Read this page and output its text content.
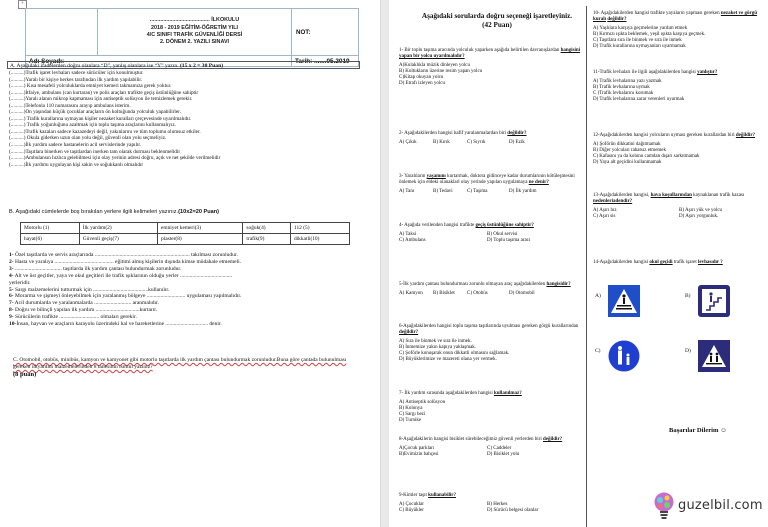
+

	........................................ İLKOKULU
2018 - 2019 EĞİTİM-ÖĞRETİM YILI
4/C SINIFI TRAFİK GÜVENLİĞİ DERSİ
2. DÖNEM 2. YAZILI SINAVI	NOT:
Adı Soyadı:		Tarih: .......05.2019
A. Aşağıdaki ifadelerden doğru olanlara “D”, yanlış olanlara ise “Y” yazın. (15 x 2 = 30 Puan)
(..........)Trafik işaret levhaları sadece sürücüler için konulmuştur.
(..........)Yaralı bir kişiye herkes tarafından ilk yardım yapılabilir.
(..........) Kısa mesafeli yolculuklarda emniyet kemeri takmamıza gerek yoktur.
(..........)İtfaiye, ambulans (can kurtaran) ve polis araçları trafikte geçiş üstünlüğüne sahiptir
(..........)Yaralı alanın mikrop kapmaması için antiseptik solüsyon ile temizlemek gerekir.
(..........)Telefonla 110 numarasını arayıp ambulans isterim.
(..........)On yaşından küçük çocuklar araçların ön koltuğunda yolculuk yapabilirler.
(..........) Trafik kurallarına uymayan kişiler nezaket kuralları çerçevesinde uyarılmalıdır.
(..........) Trafik yoğunluğunu azaltmak için toplu taşıma araçlarını kullanmalıyız.
(..........)Trafik kazaları sadece kazazedeyi değil, yakınlarını ve tüm toplumu olumsuz etkiler.
(..........) Okula giderken uzun olan yolu değil, güvenli olan yolu seçmeliyiz.
(..........)İlk yardım sadece hastanelerin acil servislerinde yapılır.
(..........)Taşıtlara binerken ve taşıtlardan inerken tam olarak durması beklenmelidir
(..........)Ambulansın hızlıca gelebilmesi için olay yerinin adresi doğru, açık ve net şekilde verilmelidir
(..........)İlk yardımı uygulayan kişi sakin ve soğukkanlı olmalıdır
B. Aşağıdaki cümlelerde boş bırakılan yerlere ilgili kelimeleri yazınız.(10x2=20 Puan)
Motorlu (1)	İlk yardım(2)	emniyet kemeri(3)	soğuk(4)	112 (5)
hayat(6)	Güvenli geçiş(7)	plaster(8)	trafik(9)	dikkatli(10)
1- Özel taşıtlarda ve servis araçlarında ..................................................................... takılması zorunludur.
2- Hasta ve yaralıya ........................................... eğitimi almış kişilerin dışında kimse müdahale etmemeli.
3- .................................. taşıtlarda ilk yardım çantası bulundurmak zorunludur.
4- Alt ve üst geçitler, yaya ve okul geçitleri ile trafik ışıklarının olduğu yerler ......................................
yerleridir.
5- Sargı malzemelerini tutturmak için ........................................kullanılır.
6- Morarma ve şişmeyi önleyebilmek için yaralanmış bölgeye ............................ uygulaması yapılmalıdır.
7- Acil durumlarda ve yaralanmalarda ........................... aranmalıdır.
8- Doğru ve bilinçli yapılan ilk yardım ................................kurtarır.
9- Sürücülerin trafikte ............................. olmaları gerekir.
10-İnsan, hayvan ve araçların karayolu üzerindeki hal ve hareketlerine ............................... denir.
C. Otomobil, otobüs, minibüs, kamyon ve kamyonet gibi motorlu taşıtlarda ilk yardım çantası bulundurmak zorunludur.Buna göre çantada bulunulması gereken ilkyardım malzemelerinden 8 tanesinin ismini yazınız?
(8 puan)
Aşağıdaki sorularda doğru seçeneği işaretleyiniz.
(42 Puan)
1- Bir toplu taşıma aracında yolculuk yaparken aşağıda belirtilen davranışlardan hangisini yapan bir yolcu uyarılmalıdır?
A)Kulaklıkla müzik dinleyen yolcu
B) Koltukların üzerine resim yapan yolcu
C)Kitap okuyan yolcu
D) Etrafı izleyen yolcu
2- Aşağıdakilerden hangisi hafif yaralanmalardan biri değildir?
A) Çıkık	B) Kırık	C) Sıyrık	D) Ezik
3- Yaralıların yaşamını kurtarmak, doktora gidinceye kadar durumlarının kötüleşmesini önlemek için eldeki olanaklarl olay yerinde yapılan uygulamaya ne denir?
A) Tanı	B) Tedavi	C) Taşıma	D) İlk yardım
4- Aşağıda verilenden hangisi trafikte geçiş üstünlüğüne sahiptir?
A) Taksi	B) Okul servisi
C) Ambulans	D) Toplu taşıma aracı
5-İlk yardım çantası bulundurması zorunlu olmayan araç aşağıdakilerden hangisidir?
A) Kamyon	B) Bisiklet	C) Otobüs	D) Otomobil
6-Aşağıdakilerden hangisi toplu taşıma taşıtlarında uyulması gereken görgü kurallarından değildir?
A) Sıra ile binmek ve sıra ile inmek.
B) İnmemize yakın kapıya yaklaşmak.
C) Şoförle konuşarak onun dikkatli olmasını sağlamak.
D) Büyüklerimize ve mazereti olana yer vermek.
7- İlk yardım sırasında aşağıdakilerden hangisi kullanılmaz?
A) Antiseptik solüsyon
B) Kolonya
C) Sargı bezi
D) Turnike
8-Aşağıdakilerin hangisi bisiklet sürebileceğimiz güvenli yerlerden biri değildir?
A)Çocuk parkları	C) Caddeler
B)Evimizin bahçesi	D) Bisiklet yolu
9-Kimler taşıt kullanabilir?
A) Çocuklar	B) Herkes
C) Büyükler	D) Sürücü belgesi olanlar
A)	B)
C)	D)
Başarılar Dilerim ☺
guzelbil.com
10- Aşağıdakilerden hangisi trafikte yayaların yapması gereken nezaket ve görgü kuralı değildir?
A) Yaşlılara karşıya geçmelerine yardım etmek
B) Kırmızı ışıkta beklemek, yeşil ışıkta karşıya geçmek.
C) Taşıtlara sıra ile binmek ve sıra ile inmek
D) Trafik kurallarına uymayanları uyarmamak
11-Trafik levhaları ile ilgili aşağıdakilerden hangisi yanlıştır?
A) Trafik levhalarına yazı yazmak
B) Trafik levhalarına uymak
C )Trafik levhalarını korumak
D) Trafik levhalarına zarar verenleri uyarmak
12-Aşağıdakilerden hangisi yolcuların uyması gereken kurallardan biri değildir?
A) Şoförün dikkatini dağıtmamak
B) Diğer yolcuları rahatsız etmemek
C) Kafasını ya da kolunu camdan dışarı sarkıtmamak
D) Yaya alt geçidini kullanmamak
13-Aşağıdakilerden hangisi, hava koşullarından kaynaklanan trafik kazası nedenleriadendir?
A) Aşırı hız	B) Aşırı yük ve yolcu
C) Aşırı sis	D) Aşırı yorgunluk.
14-Aşağıdakilerden hangisi okul geçidi trafik işaret levhasıdır ?
